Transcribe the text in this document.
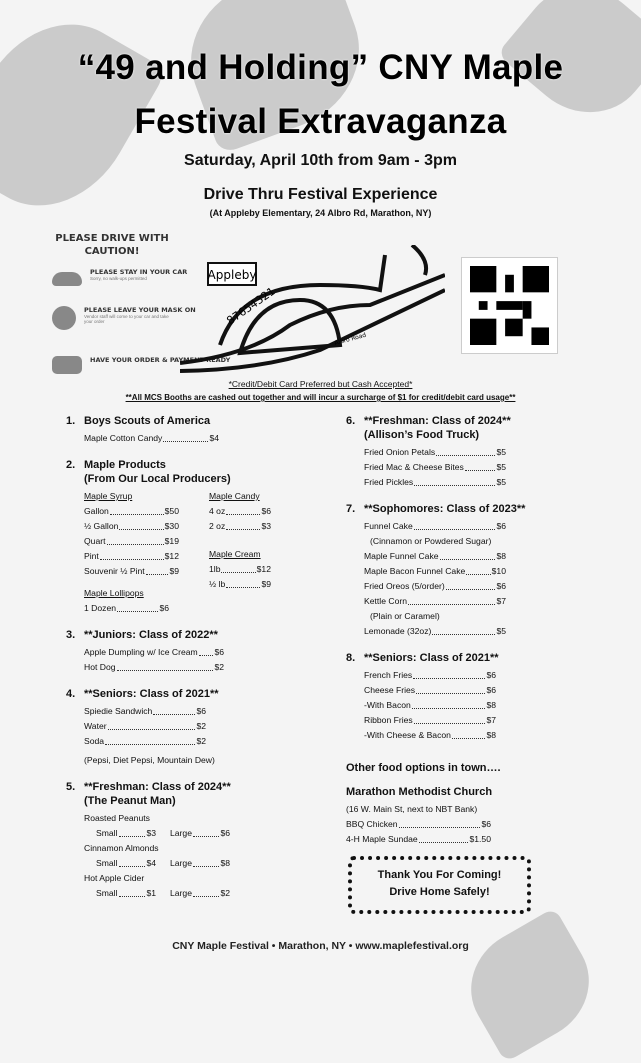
“49 and Holding” CNY Maple
Festival Extravaganza
Saturday, April 10th from 9am - 3pm
Drive Thru Festival Experience
(At Appleby Elementary, 24 Albro Rd, Marathon, NY)
PLEASE DRIVE WITH CAUTION!
PLEASE STAY IN YOUR CAR
Sorry, no walk-ups permitted
PLEASE LEAVE YOUR MASK ON
Vendor staff will come to your car and take your order
HAVE YOUR ORDER & PAYMENT READY
Appleby
87654321
Albro Road
*Credit/Debit Card Preferred but Cash Accepted*
**All MCS Booths are cashed out together and will incur a surcharge of $1 for credit/debit card usage**
1. Boys Scouts of America
Maple Cotton Candy	$4
2. Maple Products
(From Our Local Producers)
Maple Syrup
Gallon	$50
½ Gallon	$30
Quart	$19
Pint	$12
Souvenir ½ Pint	$9
Maple Lollipops
1 Dozen	$6
Maple Candy
4 oz	$6
2 oz	$3
Maple Cream
1lb	$12
½ lb	$9
3. **Juniors: Class of 2022**
Apple Dumpling w/ Ice Cream $6
Hot Dog	$2
4. **Seniors: Class of 2021**
Spiedie Sandwich	$6
Water	$2
Soda	$2
(Pepsi, Diet Pepsi, Mountain Dew)
5. **Freshman: Class of 2024**
(The Peanut Man)
Roasted Peanuts
Small	$3 Large	$6
Cinnamon Almonds
Small	$4 Large	$8
Hot Apple Cider
Small	$1 Large	$2
6. **Freshman: Class of 2024**
(Allison’s Food Truck)
Fried Onion Petals	$5
Fried Mac & Cheese Bites	$5
Fried Pickles	$5
7. **Sophomores: Class of 2023**
Funnel Cake	$6
(Cinnamon or Powdered Sugar)
Maple Funnel Cake	$8
Maple Bacon Funnel Cake	$10
Fried Oreos (5/order)	$6
Kettle Corn	$7
(Plain or Caramel)
Lemonade (32oz)	$5
8. **Seniors: Class of 2021**
French Fries	$6
Cheese Fries	$6
-With Bacon	$8
Ribbon Fries	$7
-With Cheese & Bacon	$8
Other food options in town….
Marathon Methodist Church
(16 W. Main St, next to NBT Bank)
BBQ Chicken	$6
4-H Maple Sundae	$1.50
Thank You For Coming!
Drive Home Safely!
CNY Maple Festival • Marathon, NY • www.maplefestival.org
